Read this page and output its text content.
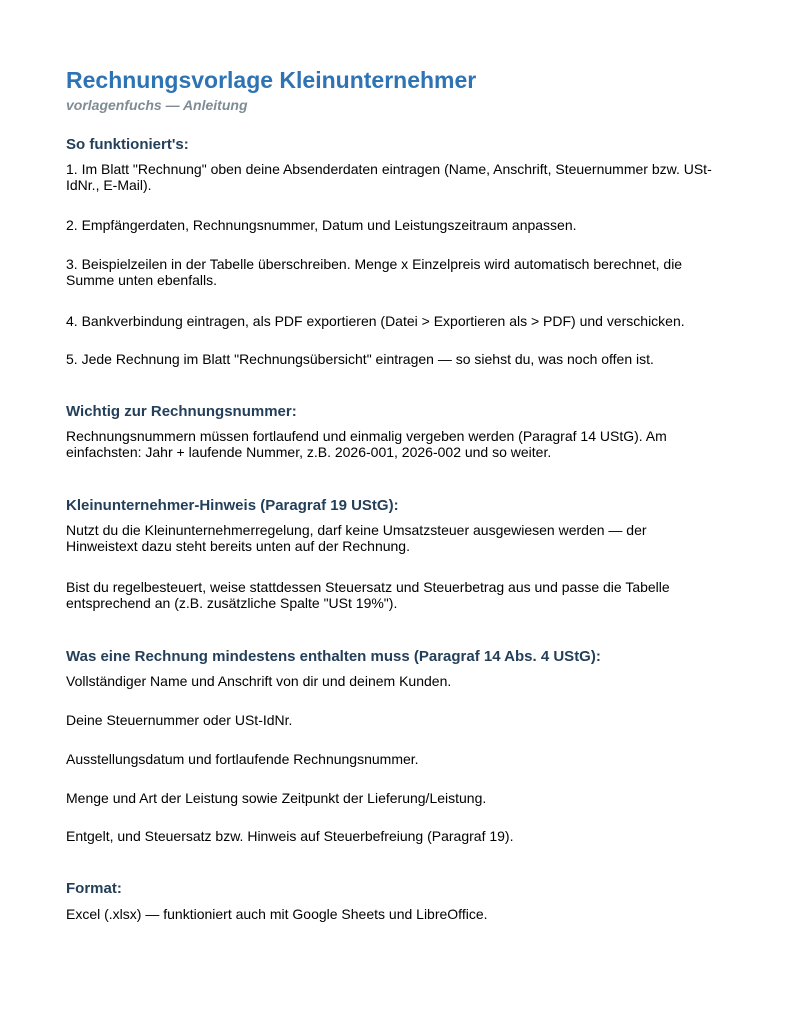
Rechnungsvorlage Kleinunternehmer

vorlagenfuchs — Anleitung

So funktioniert's:

1. Im Blatt "Rechnung" oben deine Absenderdaten eintragen (Name, Anschrift, Steuernummer bzw. USt-IdNr., E-Mail).

2. Empfängerdaten, Rechnungsnummer, Datum und Leistungszeitraum anpassen.

3. Beispielzeilen in der Tabelle überschreiben. Menge x Einzelpreis wird automatisch berechnet, die Summe unten ebenfalls.

4. Bankverbindung eintragen, als PDF exportieren (Datei > Exportieren als > PDF) und verschicken.

5. Jede Rechnung im Blatt "Rechnungsübersicht" eintragen — so siehst du, was noch offen ist.

Wichtig zur Rechnungsnummer:

Rechnungsnummern müssen fortlaufend und einmalig vergeben werden (Paragraf 14 UStG). Am einfachsten: Jahr + laufende Nummer, z.B. 2026-001, 2026-002 und so weiter.

Kleinunternehmer-Hinweis (Paragraf 19 UStG):

Nutzt du die Kleinunternehmerregelung, darf keine Umsatzsteuer ausgewiesen werden — der Hinweistext dazu steht bereits unten auf der Rechnung.

Bist du regelbesteuert, weise stattdessen Steuersatz und Steuerbetrag aus und passe die Tabelle entsprechend an (z.B. zusätzliche Spalte "USt 19%").

Was eine Rechnung mindestens enthalten muss (Paragraf 14 Abs. 4 UStG):

Vollständiger Name und Anschrift von dir und deinem Kunden.

Deine Steuernummer oder USt-IdNr.

Ausstellungsdatum und fortlaufende Rechnungsnummer.

Menge und Art der Leistung sowie Zeitpunkt der Lieferung/Leistung.

Entgelt, und Steuersatz bzw. Hinweis auf Steuerbefreiung (Paragraf 19).

Format:

Excel (.xlsx) — funktioniert auch mit Google Sheets und LibreOffice.
